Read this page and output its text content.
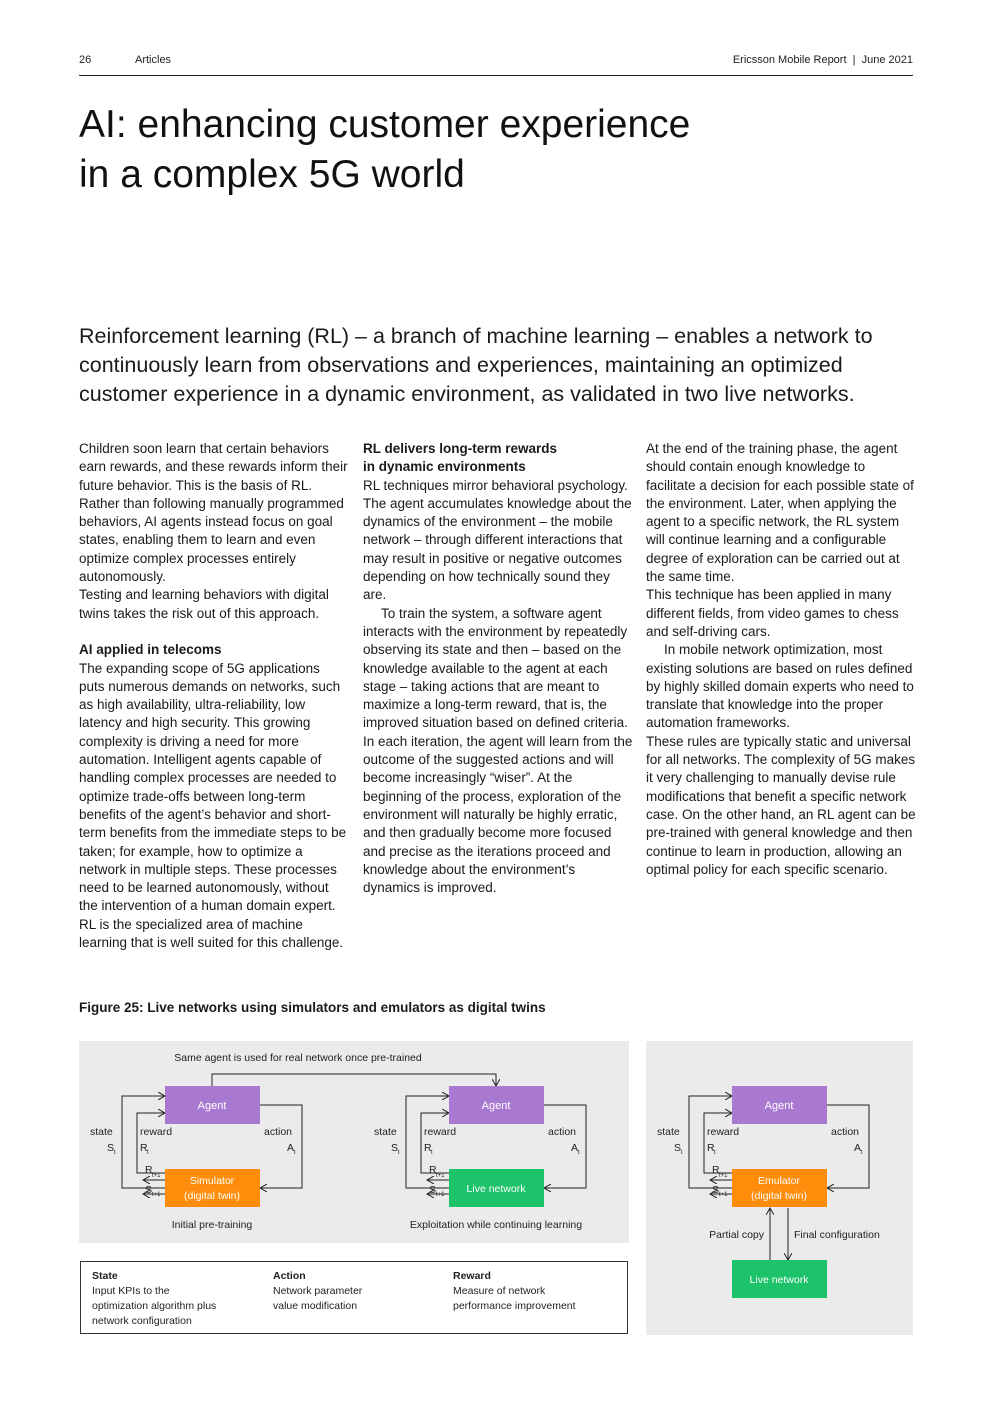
26	Articles	Ericsson Mobile Report  |  June 2021
AI: enhancing customer experience
in a complex 5G world

Reinforcement learning (RL) – a branch of machine learning – enables a network to continuously learn from observations and experiences, maintaining an optimized customer experience in a dynamic environment, as validated in two live networks.

Children soon learn that certain behaviors earn rewards, and these rewards inform their future behavior. This is the basis of RL. Rather than following manually programmed behaviors, AI agents instead focus on goal states, enabling them to learn and even optimize complex processes entirely autonomously.

Testing and learning behaviors with digital twins takes the risk out of this approach.

AI applied in telecoms

The expanding scope of 5G applications puts numerous demands on networks, such as high availability, ultra-reliability, low latency and high security. This growing complexity is driving a need for more automation. Intelligent agents capable of handling complex processes are needed to optimize trade-offs between long-term benefits of the agent’s behavior and short-term benefits from the immediate steps to be taken; for example, how to optimize a network in multiple steps. These processes need to be learned autonomously, without the intervention of a human domain expert. RL is the specialized area of machine learning that is well suited for this challenge.

RL delivers long-term rewards

in dynamic environments

RL techniques mirror behavioral psychology. The agent accumulates knowledge about the dynamics of the environment – the mobile network – through different interactions that may result in positive or negative outcomes depending on how technically sound they are.

To train the system, a software agent interacts with the environment by repeatedly observing its state and then – based on the knowledge available to the agent at each stage – taking actions that are meant to maximize a long-term reward, that is, the improved situation based on defined criteria. In each iteration, the agent will learn from the outcome of the suggested actions and will become increasingly “wiser”. At the beginning of the process, exploration of the environment will naturally be highly erratic, and then gradually become more focused and precise as the iterations proceed and knowledge about the environment’s dynamics is improved.

At the end of the training phase, the agent should contain enough knowledge to facilitate a decision for each possible state of the environment. Later, when applying the agent to a specific network, the RL system will continue learning and a configurable degree of exploration can be carried out at the same time.

This technique has been applied in many different fields, from video games to chess and self-driving cars.

In mobile network optimization, most existing solutions are based on rules defined by highly skilled domain experts who need to translate that knowledge into the proper automation frameworks.

These rules are typically static and universal for all networks. The complexity of 5G makes it very challenging to manually devise rule modifications that benefit a specific network case. On the other hand, an RL agent can be pre-trained with general knowledge and then continue to learn in production, allowing an optimal policy for each specific scenario.

Figure 25: Live networks using simulators and emulators as digital twins
Same agent is used for real network once pre-trained
Agent
Simulator
(digital twin)
state
S t
reward
R t
action
A t
R t+1
S t+1
Initial pre-training
Agent
Live network
state
S t
reward
R t
action
A t
R t+1
S t+1
Exploitation while continuing learning
Agent
Emulator
(digital twin)
Live network
state
S t
reward
R t
action
A t
R t+1
S t+1
Partial copy	Final configuration
State
Input KPIs to the
optimization algorithm plus
network configuration
Action
Network parameter
value modification
Reward
Measure of network
performance improvement
